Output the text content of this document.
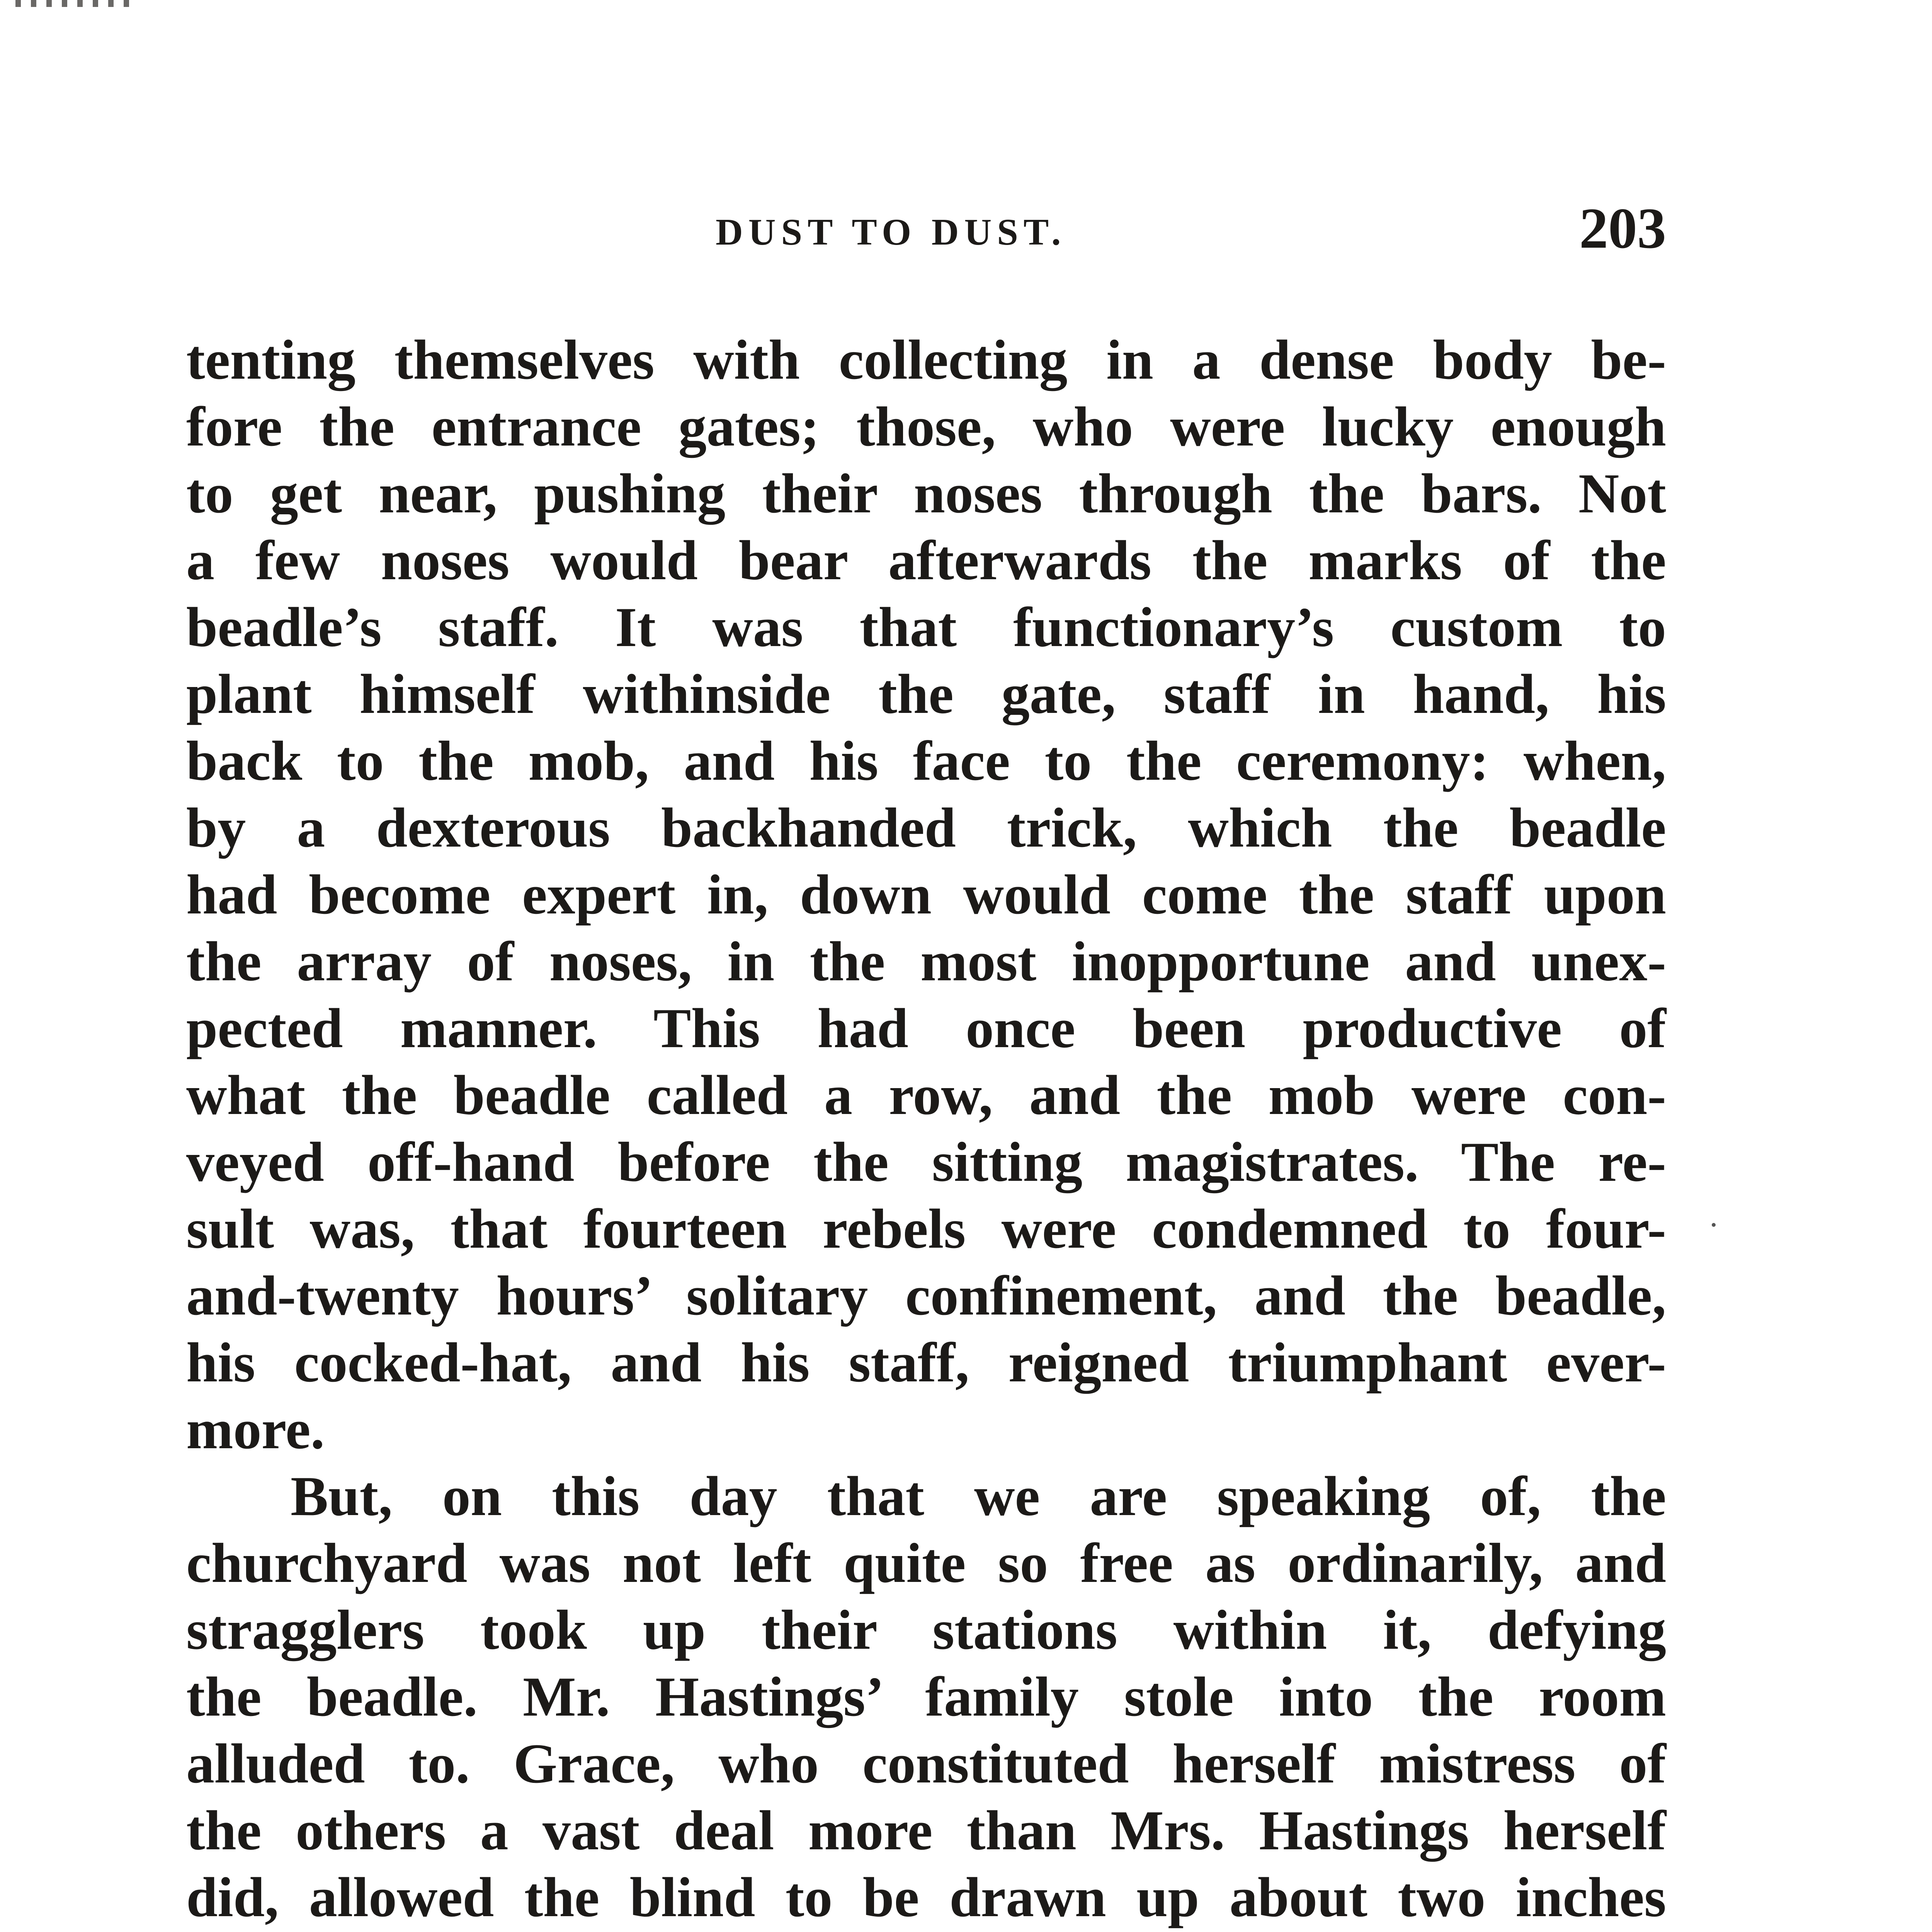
DUST TO DUST.	203
tenting themselves with collecting in a dense body be-
fore the entrance gates; those, who were lucky enough
to get near, pushing their noses through the bars. Not
a few noses would bear afterwards the marks of the
beadle’s staff. It was that functionary’s custom to
plant himself withinside the gate, staff in hand, his
back to the mob, and his face to the ceremony: when,
by a dexterous backhanded trick, which the beadle
had become expert in, down would come the staff upon
the array of noses, in the most inopportune and unex-
pected manner. This had once been productive of
what the beadle called a row, and the mob were con-
veyed off-hand before the sitting magistrates. The re-
sult was, that fourteen rebels were condemned to four-
and-twenty hours’ solitary confinement, and the beadle,
his cocked-hat, and his staff, reigned triumphant ever-
more.
But, on this day that we are speaking of, the
churchyard was not left quite so free as ordinarily, and
stragglers took up their stations within it, defying
the beadle. Mr. Hastings’ family stole into the room
alluded to. Grace, who constituted herself mistress of
the others a vast deal more than Mrs. Hastings herself
did, allowed the blind to be drawn up about two inches
